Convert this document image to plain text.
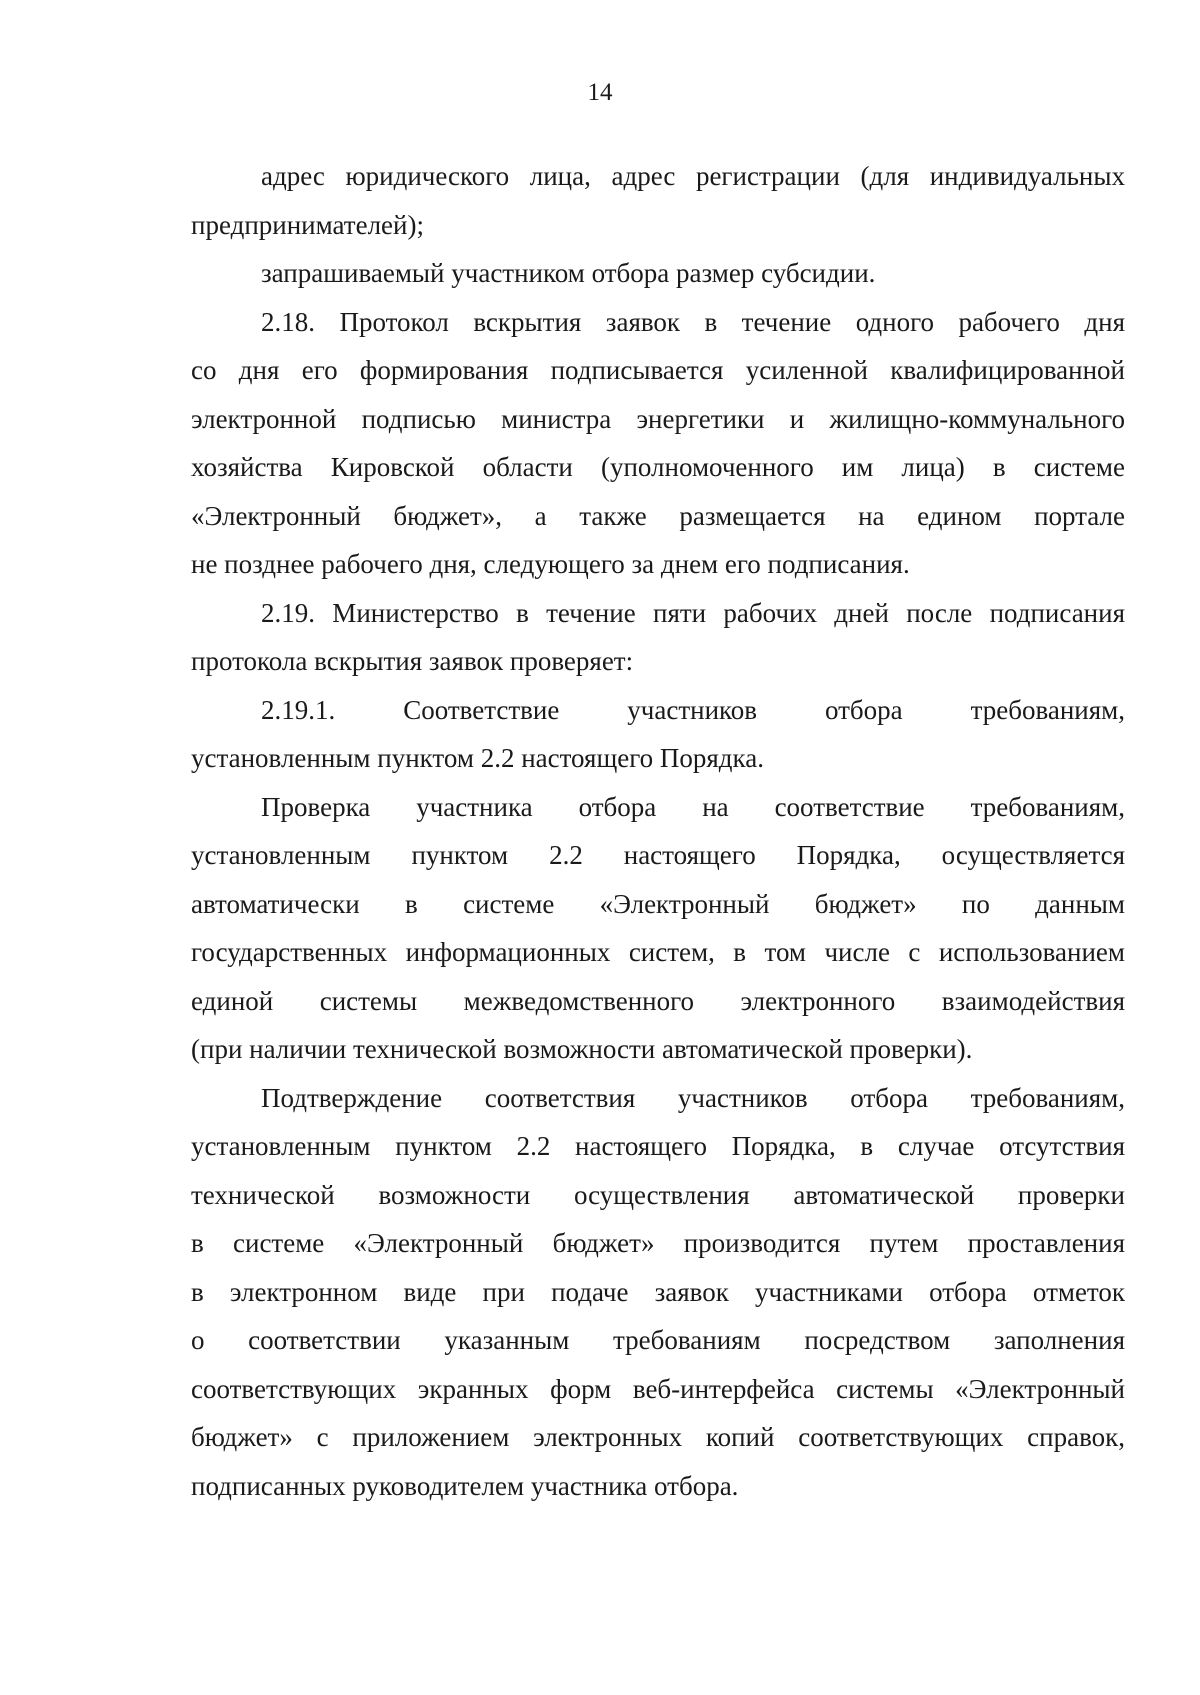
14
адрес юридического лица, адрес регистрации (для индивидуальных
предпринимателей);
запрашиваемый участником отбора размер субсидии.
2.18. Протокол вскрытия заявок в течение одного рабочего дня
со дня его формирования подписывается усиленной квалифицированной
электронной подписью министра энергетики и жилищно-коммунального
хозяйства Кировской области (уполномоченного им лица) в системе
«Электронный бюджет», а также размещается на едином портале
не позднее рабочего дня, следующего за днем его подписания.
2.19. Министерство в течение пяти рабочих дней после подписания
протокола вскрытия заявок проверяет:
2.19.1. Соответствие участников отбора требованиям,
установленным пунктом 2.2 настоящего Порядка.
Проверка участника отбора на соответствие требованиям,
установленным пунктом 2.2 настоящего Порядка, осуществляется
автоматически в системе «Электронный бюджет» по данным
государственных информационных систем, в том числе с использованием
единой системы межведомственного электронного взаимодействия
(при наличии технической возможности автоматической проверки).
Подтверждение соответствия участников отбора требованиям,
установленным пунктом 2.2 настоящего Порядка, в случае отсутствия
технической возможности осуществления автоматической проверки
в системе «Электронный бюджет» производится путем проставления
в электронном виде при подаче заявок участниками отбора отметок
о соответствии указанным требованиям посредством заполнения
соответствующих экранных форм веб-интерфейса системы «Электронный
бюджет» с приложением электронных копий соответствующих справок,
подписанных руководителем участника отбора.
